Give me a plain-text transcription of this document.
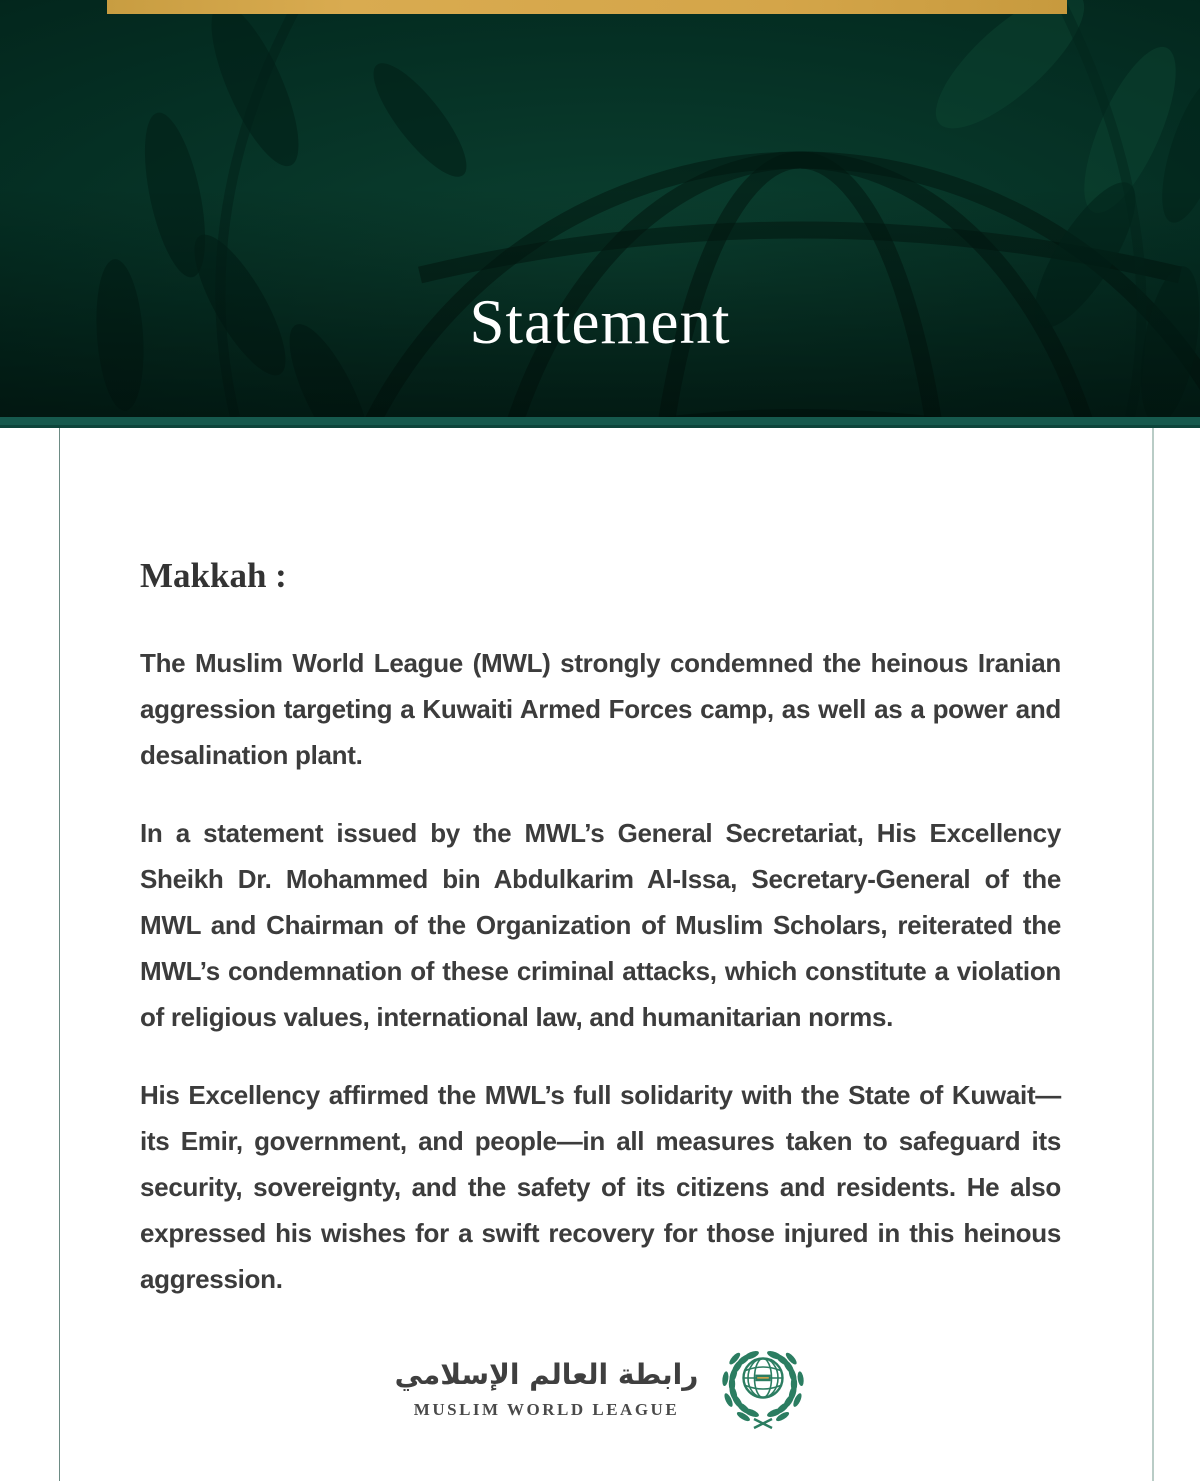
Statement
Makkah :

The Muslim World League (MWL) strongly condemned the heinous Iranian aggression targeting a Kuwaiti Armed Forces camp, as well as a power and desalination plant.

In a statement issued by the MWL’s General Secretariat, His Excellency Sheikh Dr. Mohammed bin Abdulkarim Al-Issa, Secretary-General of the MWL and Chairman of the Organization of Muslim Scholars, reiterated the MWL’s condemnation of these criminal attacks, which constitute a violation of religious values, international law, and humanitarian norms.

His Excellency affirmed the MWL’s full solidarity with the State of Kuwait—its Emir, government, and people—in all measures taken to safeguard its security, sovereignty, and the safety of its citizens and residents. He also expressed his wishes for a swift recovery for those injured in this heinous aggression.

رابطة العالم الإسلامي
MUSLIM WORLD LEAGUE
